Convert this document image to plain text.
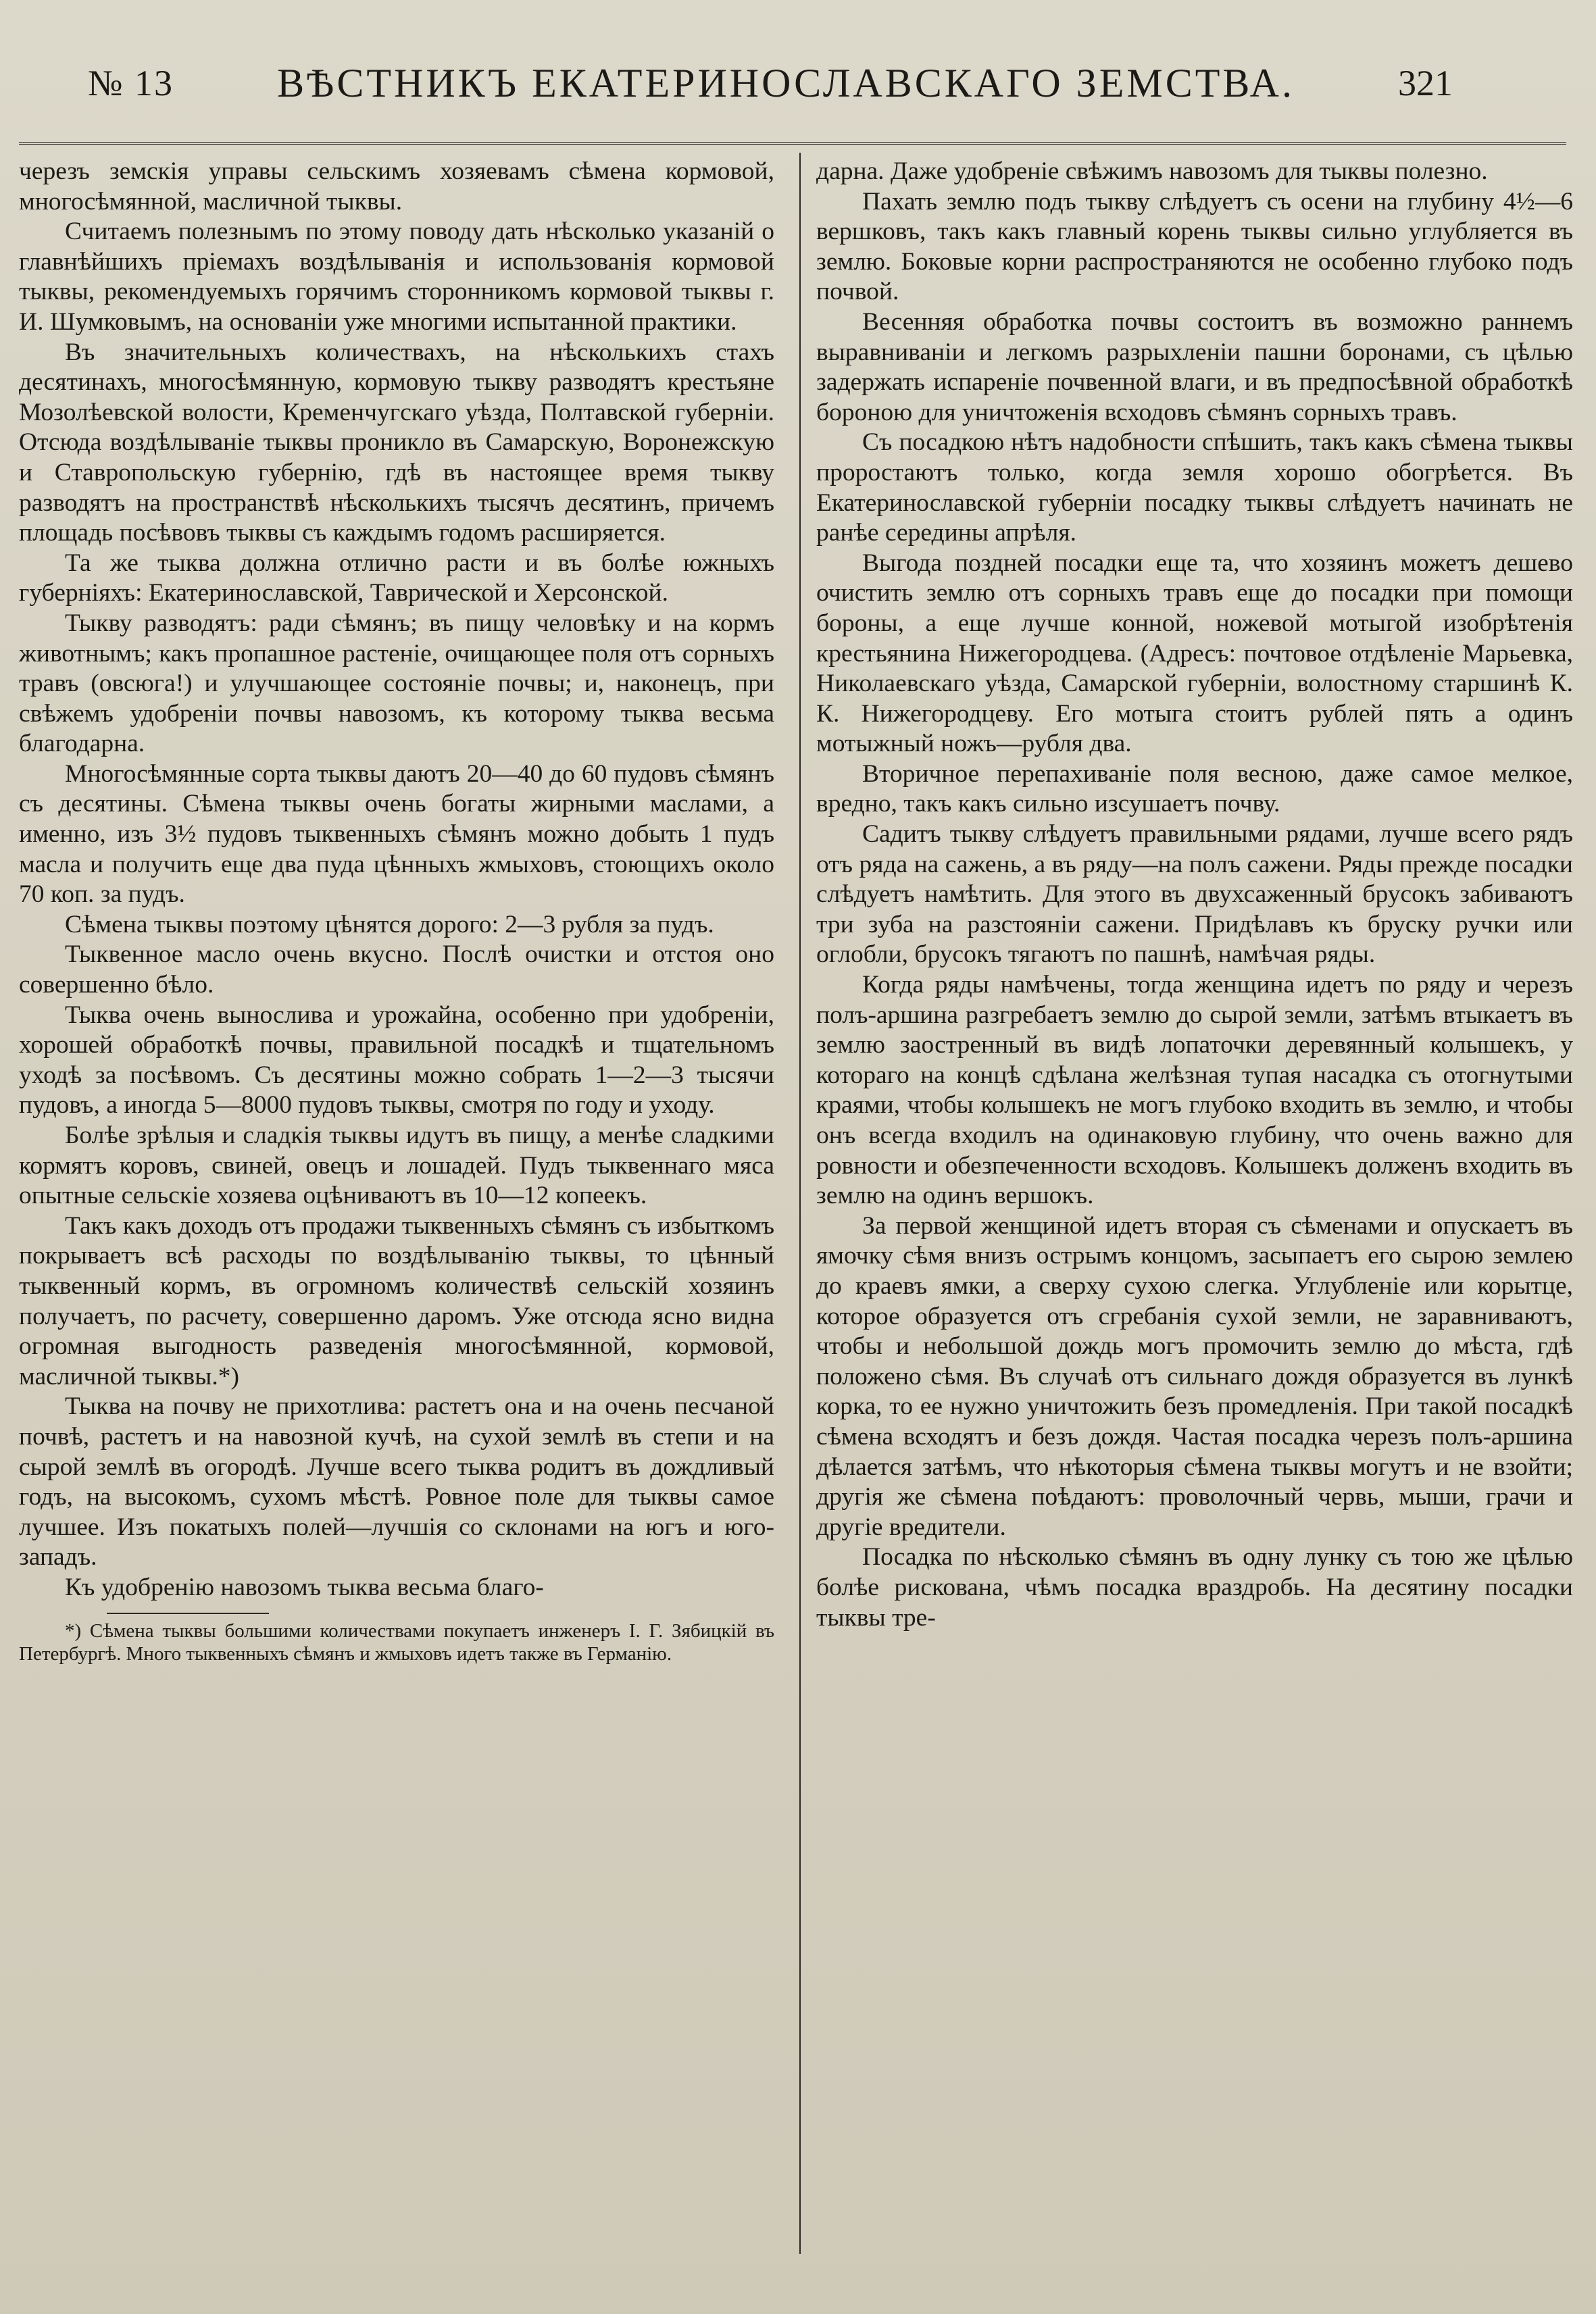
№ 13	ВѢСТНИКЪ ЕКАТЕРИНОСЛАВСКАГО ЗЕМСТВА.	321

черезъ земскія управы сельскимъ хозяевамъ сѣмена кормовой, многосѣмянной, масличной тыквы.

Считаемъ полезнымъ по этому поводу дать нѣсколько указаній о главнѣйшихъ пріемахъ воздѣлыванія и использованія кормовой тыквы, рекомендуемыхъ горячимъ сторонникомъ кормовой тыквы г. И. Шумковымъ, на основаніи уже многими испытанной практики.

Въ значительныхъ количествахъ, на нѣсколькихъ стахъ десятинахъ, многосѣмянную, кормовую тыкву разводятъ крестьяне Мозолѣевской волости, Кременчугскаго уѣзда, Полтавской губерніи. Отсюда воздѣлываніе тыквы проникло въ Самарскую, Воронежскую и Ставропольскую губернію, гдѣ въ настоящее время тыкву разводятъ на пространствѣ нѣсколькихъ тысячъ десятинъ, причемъ площадь посѣвовъ тыквы съ каждымъ годомъ расширяется.

Та же тыква должна отлично расти и въ болѣе южныхъ губерніяхъ: Екатеринославской, Таврической и Херсонской.

Тыкву разводятъ: ради сѣмянъ; въ пищу человѣку и на кормъ животнымъ; какъ пропашное растеніе, очищающее поля отъ сорныхъ травъ (овсюга!) и улучшающее состояніе почвы; и, наконецъ, при свѣжемъ удобреніи почвы навозомъ, къ которому тыква весьма благодарна.

Многосѣмянные сорта тыквы даютъ 20—40 до 60 пудовъ сѣмянъ съ десятины. Сѣмена тыквы очень богаты жирными маслами, а именно, изъ 3½ пудовъ тыквенныхъ сѣмянъ можно добыть 1 пудъ масла и получить еще два пуда цѣнныхъ жмыховъ, стоющихъ около 70 коп. за пудъ.

Сѣмена тыквы поэтому цѣнятся дорого: 2—3 рубля за пудъ.

Тыквенное масло очень вкусно. Послѣ очистки и отстоя оно совершенно бѣло.

Тыква очень вынослива и урожайна, особенно при удобреніи, хорошей обработкѣ почвы, правильной посадкѣ и тщательномъ уходѣ за посѣвомъ. Съ десятины можно собрать 1—2—3 тысячи пудовъ, а иногда 5—8000 пудовъ тыквы, смотря по году и уходу.

Болѣе зрѣлыя и сладкія тыквы идутъ въ пищу, а менѣе сладкими кормятъ коровъ, свиней, овецъ и лошадей. Пудъ тыквеннаго мяса опытные сельскіе хозяева оцѣниваютъ въ 10—12 копеекъ.

Такъ какъ доходъ отъ продажи тыквенныхъ сѣмянъ съ избыткомъ покрываетъ всѣ расходы по воздѣлыванію тыквы, то цѣнный тыквенный кормъ, въ огромномъ количествѣ сельскій хозяинъ получаетъ, по расчету, совершенно даромъ. Уже отсюда ясно видна огромная выгодность разведенія многосѣмянной, кормовой, масличной тыквы.*)

Тыква на почву не прихотлива: растетъ она и на очень песчаной почвѣ, растетъ и на навозной кучѣ, на сухой землѣ въ степи и на сырой землѣ въ огородѣ. Лучше всего тыква родитъ въ дождливый годъ, на высокомъ, сухомъ мѣстѣ. Ровное поле для тыквы самое лучшее. Изъ покатыхъ полей—лучшія со склонами на югъ и юго-западъ.

Къ удобренію навозомъ тыква весьма благо-

*) Сѣмена тыквы большими количествами покупаетъ инженеръ І. Г. Зябицкій въ Петербургѣ. Много тыквенныхъ сѣмянъ и жмыховъ идетъ также въ Германію.

дарна. Даже удобреніе свѣжимъ навозомъ для тыквы полезно.

Пахать землю подъ тыкву слѣдуетъ съ осени на глубину 4½—6 вершковъ, такъ какъ главный корень тыквы сильно углубляется въ землю. Боковые корни распространяются не особенно глубоко подъ почвой.

Весенняя обработка почвы состоитъ въ возможно раннемъ выравниваніи и легкомъ разрыхленіи пашни боронами, съ цѣлью задержать испареніе почвенной влаги, и въ предпосѣвной обработкѣ бороною для уничтоженія всходовъ сѣмянъ сорныхъ травъ.

Съ посадкою нѣтъ надобности спѣшить, такъ какъ сѣмена тыквы проростаютъ только, когда земля хорошо обогрѣется. Въ Екатеринославской губерніи посадку тыквы слѣдуетъ начинать не ранѣе середины апрѣля.

Выгода поздней посадки еще та, что хозяинъ можетъ дешево очистить землю отъ сорныхъ травъ еще до посадки при помощи бороны, а еще лучше конной, ножевой мотыгой изобрѣтенія крестьянина Нижегородцева. (Адресъ: почтовое отдѣленіе Марьевка, Николаевскаго уѣзда, Самарской губерніи, волостному старшинѣ К. К. Нижегородцеву. Его мотыга стоитъ рублей пять а одинъ мотыжный ножъ—рубля два.

Вторичное перепахиваніе поля весною, даже самое мелкое, вредно, такъ какъ сильно изсушаетъ почву.

Садитъ тыкву слѣдуетъ правильными рядами, лучше всего рядъ отъ ряда на сажень, а въ ряду—на полъ сажени. Ряды прежде посадки слѣдуетъ намѣтить. Для этого въ двухсаженный брусокъ забиваютъ три зуба на разстояніи сажени. Придѣлавъ къ бруску ручки или оглобли, брусокъ тягаютъ по пашнѣ, намѣчая ряды.

Когда ряды намѣчены, тогда женщина идетъ по ряду и черезъ полъ-аршина разгребаетъ землю до сырой земли, затѣмъ втыкаетъ въ землю заостренный въ видѣ лопаточки деревянный колышекъ, у котораго на концѣ сдѣлана желѣзная тупая насадка съ отогнутыми краями, чтобы колышекъ не могъ глубоко входить въ землю, и чтобы онъ всегда входилъ на одинаковую глубину, что очень важно для ровности и обезпеченности всходовъ. Колышекъ долженъ входить въ землю на одинъ вершокъ.

За первой женщиной идетъ вторая съ сѣменами и опускаетъ въ ямочку сѣмя внизъ острымъ концомъ, засыпаетъ его сырою землею до краевъ ямки, а сверху сухою слегка. Углубленіе или корытце, которое образуется отъ сгребанія сухой земли, не заравниваютъ, чтобы и небольшой дождь могъ промочить землю до мѣста, гдѣ положено сѣмя. Въ случаѣ отъ сильнаго дождя образуется въ лункѣ корка, то ее нужно уничтожить безъ промедленія. При такой посадкѣ сѣмена всходятъ и безъ дождя. Частая посадка черезъ полъ-аршина дѣлается затѣмъ, что нѣкоторыя сѣмена тыквы могутъ и не взойти; другія же сѣмена поѣдаютъ: проволочный червь, мыши, грачи и другіе вредители.

Посадка по нѣсколько сѣмянъ въ одну лунку съ тою же цѣлью болѣе рискована, чѣмъ посадка враздробь. На десятину посадки тыквы тре-
